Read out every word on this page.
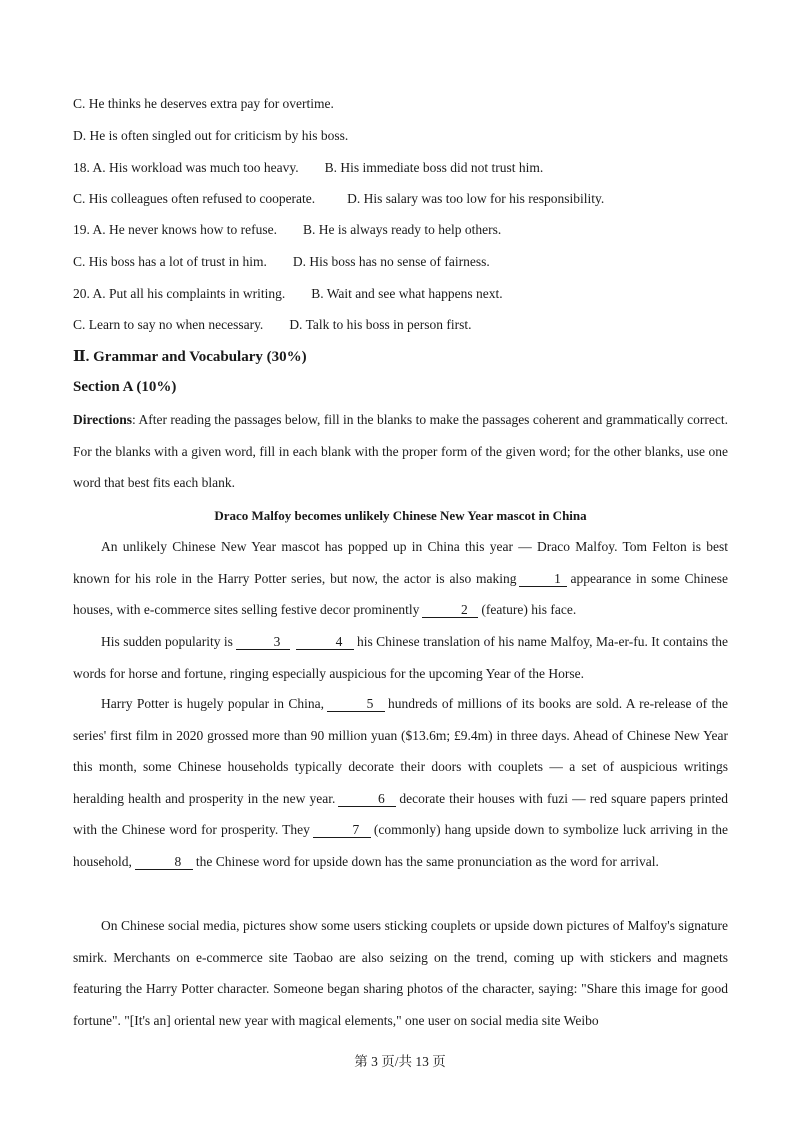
C. He thinks he deserves extra pay for overtime.
D. He is often singled out for criticism by his boss.
18. A. His workload was much too heavy. B. His immediate boss did not trust him.
C. His colleagues often refused to cooperate. D. His salary was too low for his responsibility.
19. A. He never knows how to refuse. B. He is always ready to help others.
C. His boss has a lot of trust in him. D. His boss has no sense of fairness.
20. A. Put all his complaints in writing. B. Wait and see what happens next.
C. Learn to say no when necessary. D. Talk to his boss in person first.
Ⅱ. Grammar and Vocabulary (30%)
Section A (10%)
Directions: After reading the passages below, fill in the blanks to make the passages coherent and grammatically correct. For the blanks with a given word, fill in each blank with the proper form of the given word; for the other blanks, use one word that best fits each blank.
Draco Malfoy becomes unlikely Chinese New Year mascot in China
An unlikely Chinese New Year mascot has popped up in China this year — Draco Malfoy. Tom Felton is best known for his role in the Harry Potter series, but now, the actor is also making	1 appearance in some Chinese houses, with e-commerce sites selling festive decor prominently	2 (feature) his face.
His sudden popularity is	3	4 his Chinese translation of his name Malfoy, Ma-er-fu. It contains the words for horse and fortune, ringing especially auspicious for the upcoming Year of the Horse.
Harry Potter is hugely popular in China,	5 hundreds of millions of its books are sold. A re-release of the series' first film in 2020 grossed more than 90 million yuan ($13.6m; £9.4m) in three days. Ahead of Chinese New Year this month, some Chinese households typically decorate their doors with couplets — a set of auspicious writings heralding health and prosperity in the new year.	6 decorate their houses with fuzi — red square papers printed with the Chinese word for prosperity. They	7 (commonly) hang upside down to symbolize luck arriving in the household,	8 the Chinese word for upside down has the same pronunciation as the word for arrival.
On Chinese social media, pictures show some users sticking couplets or upside down pictures of Malfoy's signature smirk. Merchants on e-commerce site Taobao are also seizing on the trend, coming up with stickers and magnets featuring the Harry Potter character. Someone began sharing photos of the character, saying: "Share this image for good fortune". "[It's an] oriental new year with magical elements," one user on social media site Weibo
第 3 页/共 13 页
